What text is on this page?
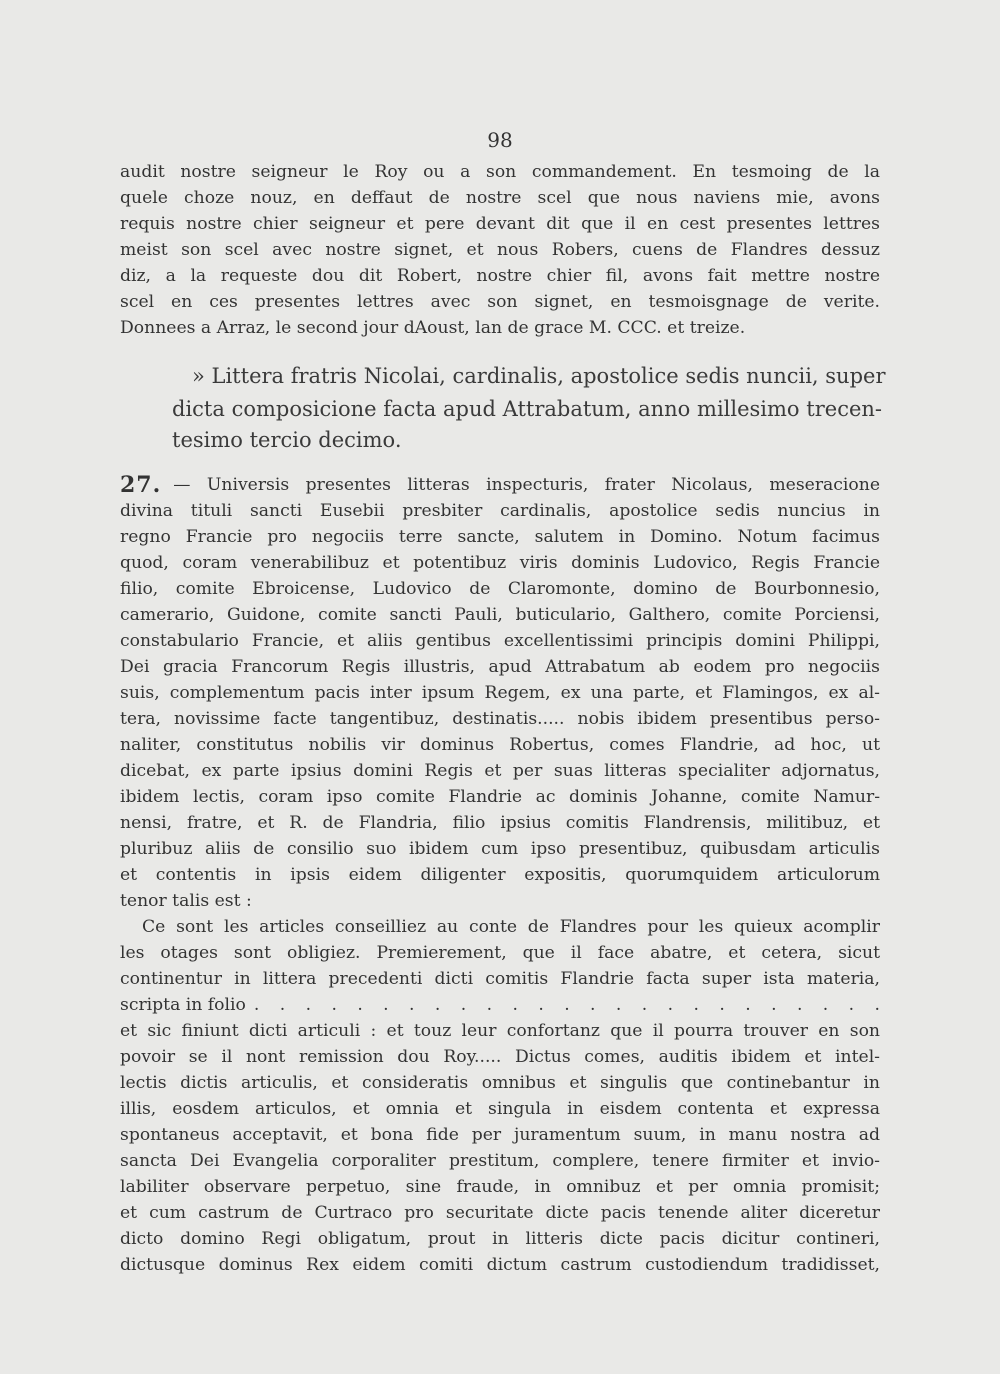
98
audit nostre seigneur le Roy ou a son commandement. En tesmoing de la
quele choze nouz, en deffaut de nostre scel que nous naviens mie, avons
requis nostre chier seigneur et pere devant dit que il en cest presentes lettres
meist son scel avec nostre signet, et nous Robers, cuens de Flandres dessuz
diz, a la requeste dou dit Robert, nostre chier fil, avons fait mettre nostre
scel en ces presentes lettres avec son signet, en tesmoisgnage de verite.
Donnees a Arraz, le second jour dAoust, lan de grace M. CCC. et treize.
» Littera fratris Nicolai, cardinalis, apostolice sedis nuncii, super
dicta composicione facta apud Attrabatum, anno millesimo trecen-
tesimo tercio decimo.
27. — Universis presentes litteras inspecturis, frater Nicolaus, meseracione
divina tituli sancti Eusebii presbiter cardinalis, apostolice sedis nuncius in
regno Francie pro negociis terre sancte, salutem in Domino. Notum facimus
quod, coram venerabilibuz et potentibuz viris dominis Ludovico, Regis Francie
filio, comite Ebroicense, Ludovico de Claromonte, domino de Bourbonnesio,
camerario, Guidone, comite sancti Pauli, buticulario, Galthero, comite Porciensi,
constabulario Francie, et aliis gentibus excellentissimi principis domini Philippi,
Dei gracia Francorum Regis illustris, apud Attrabatum ab eodem pro negociis
suis, complementum pacis inter ipsum Regem, ex una parte, et Flamingos, ex al-
tera, novissime facte tangentibuz, destinatis..... nobis ibidem presentibus perso-
naliter, constitutus nobilis vir dominus Robertus, comes Flandrie, ad hoc, ut
dicebat, ex parte ipsius domini Regis et per suas litteras specialiter adjornatus,
ibidem lectis, coram ipso comite Flandrie ac dominis Johanne, comite Namur-
nensi, fratre, et R. de Flandria, filio ipsius comitis Flandrensis, militibuz, et
pluribuz aliis de consilio suo ibidem cum ipso presentibuz, quibusdam articulis
et contentis in ipsis eidem diligenter expositis, quorumquidem articulorum
tenor talis est :
Ce sont les articles conseilliez au conte de Flandres pour les quieux acomplir
les otages sont obligiez. Premierement, que il face abatre, et cetera, sicut
continentur in littera precedenti dicti comitis Flandrie facta super ista materia,
scripta in folio . . . . . . . . . . . . . . . . . . . . . . . . .
et sic finiunt dicti articuli : et touz leur confortanz que il pourra trouver en son
povoir se il nont remission dou Roy..... Dictus comes, auditis ibidem et intel-
lectis dictis articulis, et consideratis omnibus et singulis que continebantur in
illis, eosdem articulos, et omnia et singula in eisdem contenta et expressa
spontaneus acceptavit, et bona fide per juramentum suum, in manu nostra ad
sancta Dei Evangelia corporaliter prestitum, complere, tenere firmiter et invio-
labiliter observare perpetuo, sine fraude, in omnibuz et per omnia promisit;
et cum castrum de Curtraco pro securitate dicte pacis tenende aliter diceretur
dicto domino Regi obligatum, prout in litteris dicte pacis dicitur contineri,
dictusque dominus Rex eidem comiti dictum castrum custodiendum tradidisset,
